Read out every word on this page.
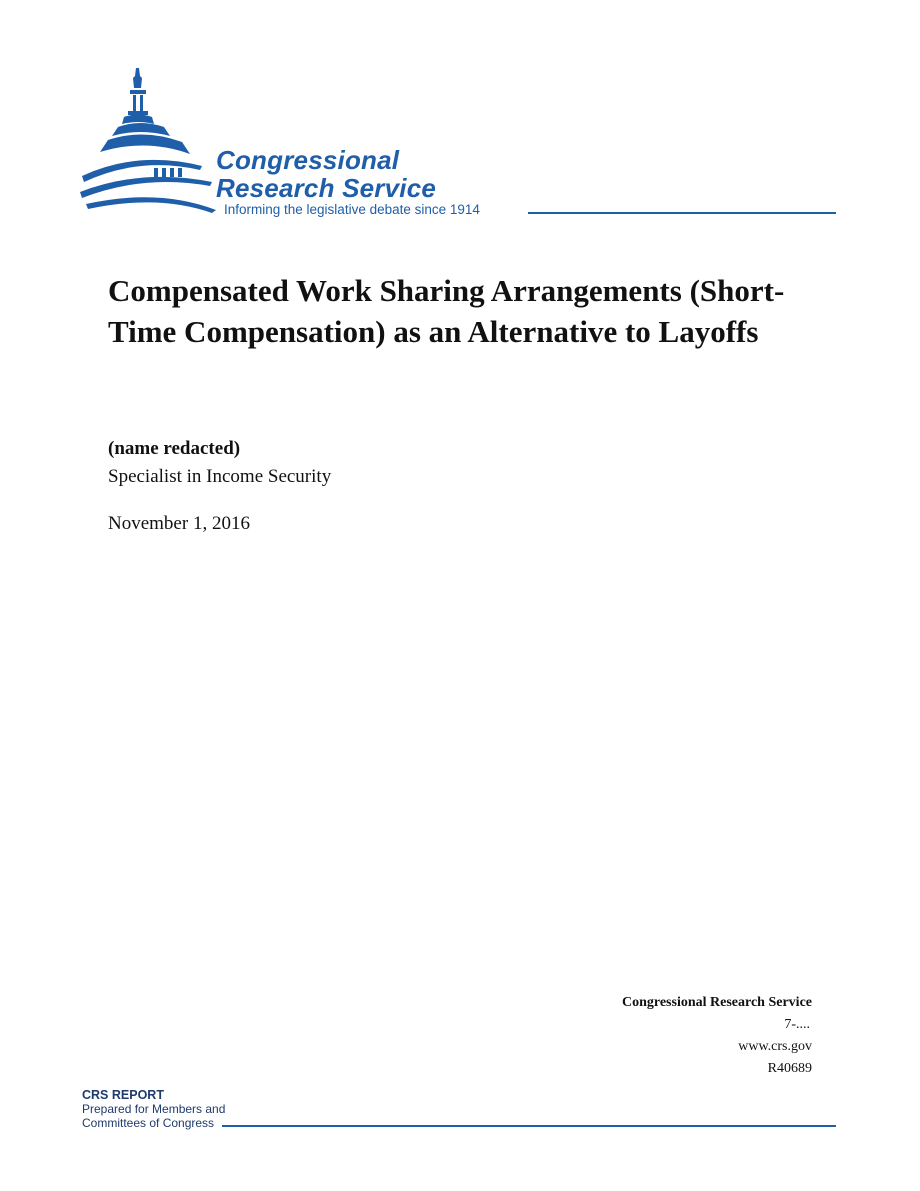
Congressional
Research Service
Informing the legislative debate since 1914
Compensated Work Sharing Arrangements (Short-Time Compensation) as an Alternative to Layoffs
(name redacted)
Specialist in Income Security
November 1, 2016
Congressional Research Service
7-....
www.crs.gov
R40689
CRS REPORT
Prepared for Members and
Committees of Congress
